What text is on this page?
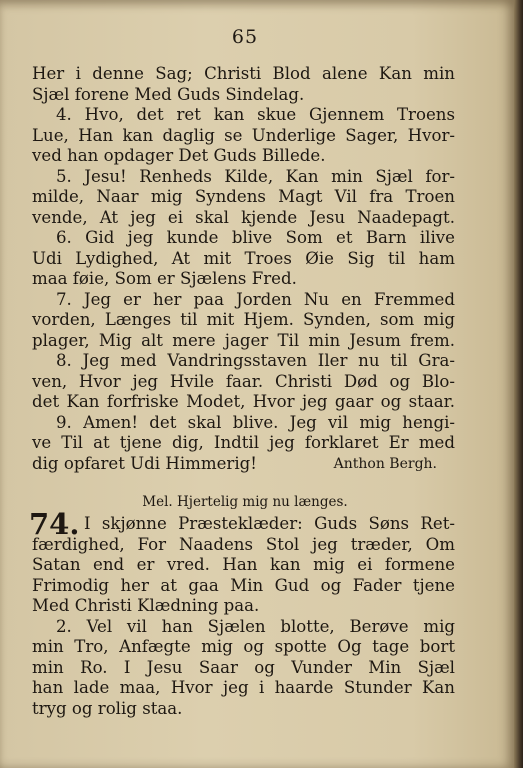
65
Her i denne Sag; Christi Blod alene Kan min
Sjæl forene Med Guds Sindelag.
4. Hvo, det ret kan skue Gjennem Troens
Lue, Han kan daglig se Underlige Sager, Hvor-
ved han opdager Det Guds Billede.
5. Jesu! Renheds Kilde, Kan min Sjæl for-
milde, Naar mig Syndens Magt Vil fra Troen
vende, At jeg ei skal kjende Jesu Naadepagt.
6. Gid jeg kunde blive Som et Barn ilive
Udi Lydighed, At mit Troes Øie Sig til ham
maa føie, Som er Sjælens Fred.
7. Jeg er her paa Jorden Nu en Fremmed
vorden, Længes til mit Hjem. Synden, som mig
plager, Mig alt mere jager Til min Jesum frem.
8. Jeg med Vandringsstaven Iler nu til Gra-
ven, Hvor jeg Hvile faar. Christi Død og Blo-
det Kan forfriske Modet, Hvor jeg gaar og staar.
9. Amen! det skal blive. Jeg vil mig hengi-
ve Til at tjene dig, Indtil jeg forklaret Er med
dig opfaret Udi Himmerig!	Anthon Bergh.
Mel. Hjertelig mig nu længes.
74. I skjønne Præsteklæder: Guds Søns Ret-
færdighed, For Naadens Stol jeg træder, Om
Satan end er vred. Han kan mig ei formene
Frimodig her at gaa Min Gud og Fader tjene
Med Christi Klædning paa.
2. Vel vil han Sjælen blotte, Berøve mig
min Tro, Anfægte mig og spotte Og tage bort
min Ro. I Jesu Saar og Vunder Min Sjæl
han lade maa, Hvor jeg i haarde Stunder Kan
tryg og rolig staa.
